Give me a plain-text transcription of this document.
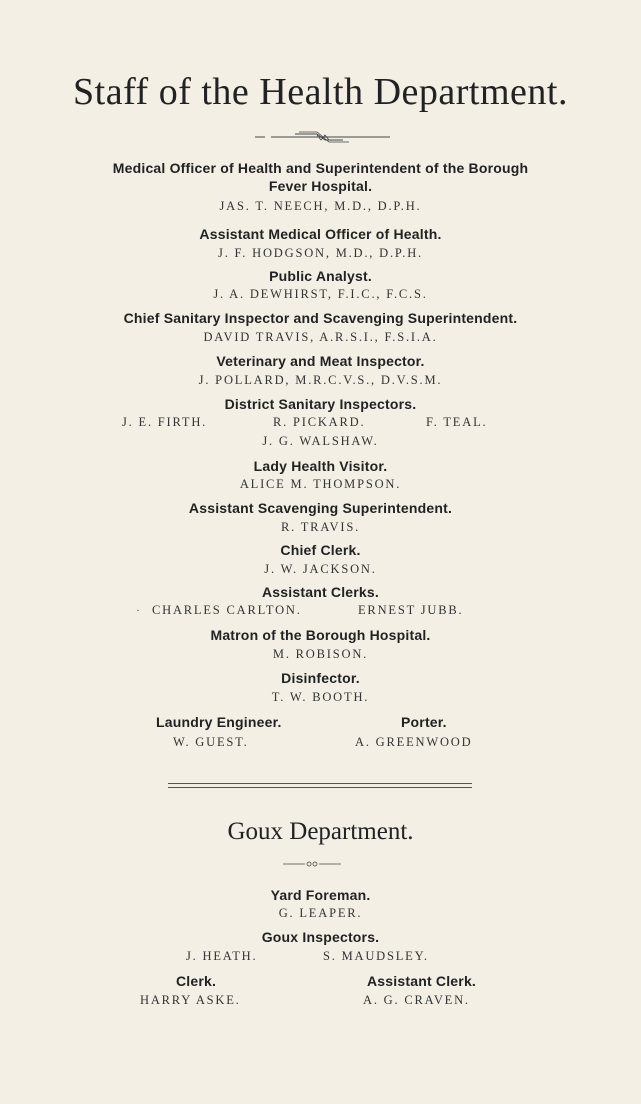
Staff of the Health Department.
Medical Officer of Health and Superintendent of the Borough
Fever Hospital.
JAS. T. NEECH, M.D., D.P.H.
Assistant Medical Officer of Health.
J. F. HODGSON, M.D., D.P.H.
Public Analyst.
J. A. DEWHIRST, F.I.C., F.C.S.
Chief Sanitary Inspector and Scavenging Superintendent.
DAVID TRAVIS, A.R.S.I., F.S.I.A.
Veterinary and Meat Inspector.
J. POLLARD, M.R.C.V.S., D.V.S.M.
District Sanitary Inspectors.
J. E. FIRTH.	R. PICKARD.	F. TEAL.
J. G. WALSHAW.
Lady Health Visitor.
ALICE M. THOMPSON.
Assistant Scavenging Superintendent.
R. TRAVIS.
Chief Clerk.
J. W. JACKSON.
Assistant Clerks.
· CHARLES CARLTON.	ERNEST JUBB.
Matron of the Borough Hospital.
M. ROBISON.
Disinfector.
T. W. BOOTH.
Laundry Engineer.
W. GUEST.
Porter.
A. GREENWOOD
Goux Department.
Yard Foreman.
G. LEAPER.
Goux Inspectors.
J. HEATH.	S. MAUDSLEY.
Clerk.
HARRY ASKE.
Assistant Clerk.
A. G. CRAVEN.
